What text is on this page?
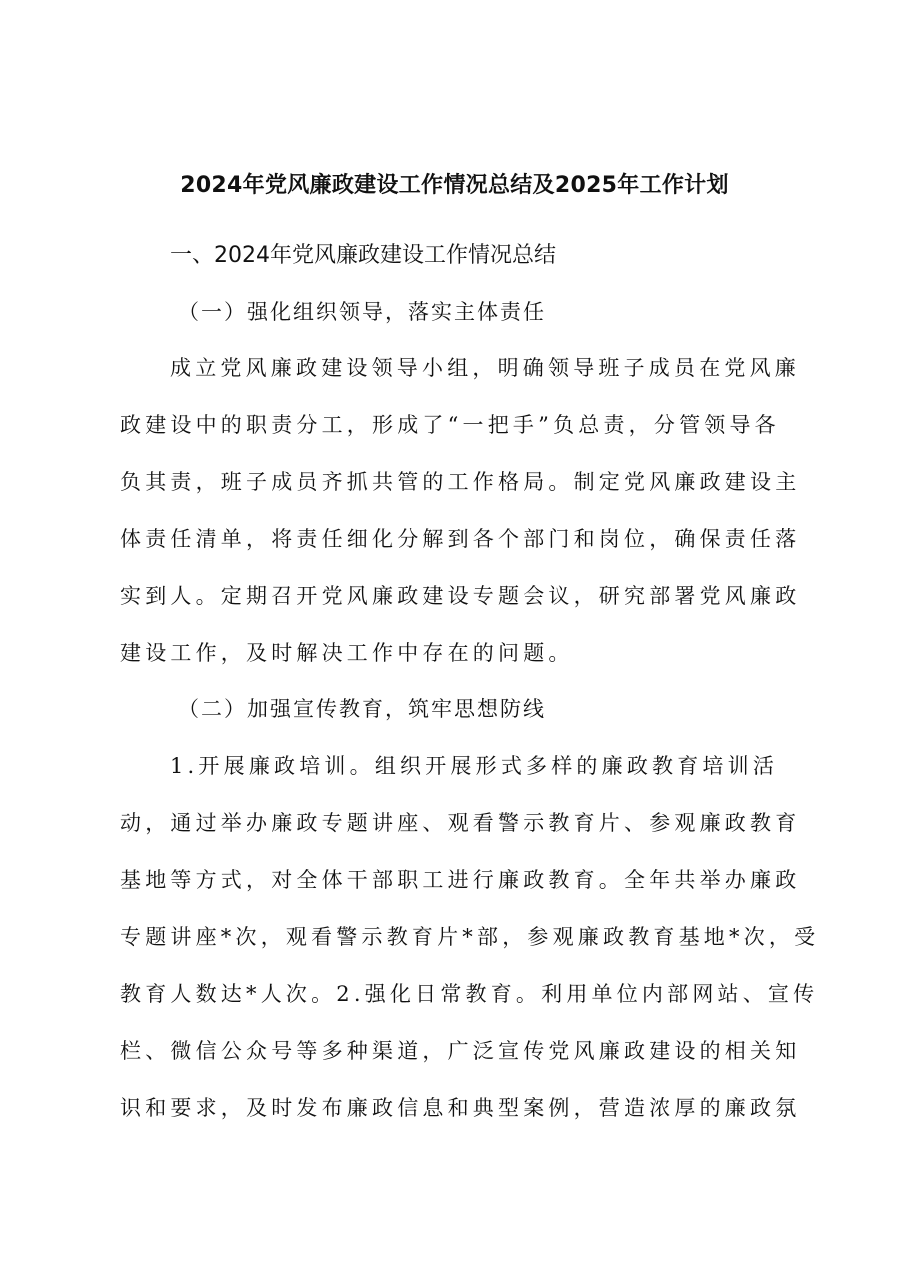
2024年党风廉政建设工作情况总结及2025年工作计划
一、2024年党风廉政建设工作情况总结
（一）强化组织领导，落实主体责任
成立党风廉政建设领导小组，明确领导班子成员在党风廉
政建设中的职责分工，形成了“一把手”负总责，分管领导各
负其责，班子成员齐抓共管的工作格局。制定党风廉政建设主
体责任清单，将责任细化分解到各个部门和岗位，确保责任落
实到人。定期召开党风廉政建设专题会议，研究部署党风廉政
建设工作，及时解决工作中存在的问题。
（二）加强宣传教育，筑牢思想防线
1.开展廉政培训。组织开展形式多样的廉政教育培训活
动，通过举办廉政专题讲座、观看警示教育片、参观廉政教育
基地等方式，对全体干部职工进行廉政教育。全年共举办廉政
专题讲座*次，观看警示教育片*部，参观廉政教育基地*次，受
教育人数达*人次。2.强化日常教育。利用单位内部网站、宣传
栏、微信公众号等多种渠道，广泛宣传党风廉政建设的相关知
识和要求，及时发布廉政信息和典型案例，营造浓厚的廉政氛
